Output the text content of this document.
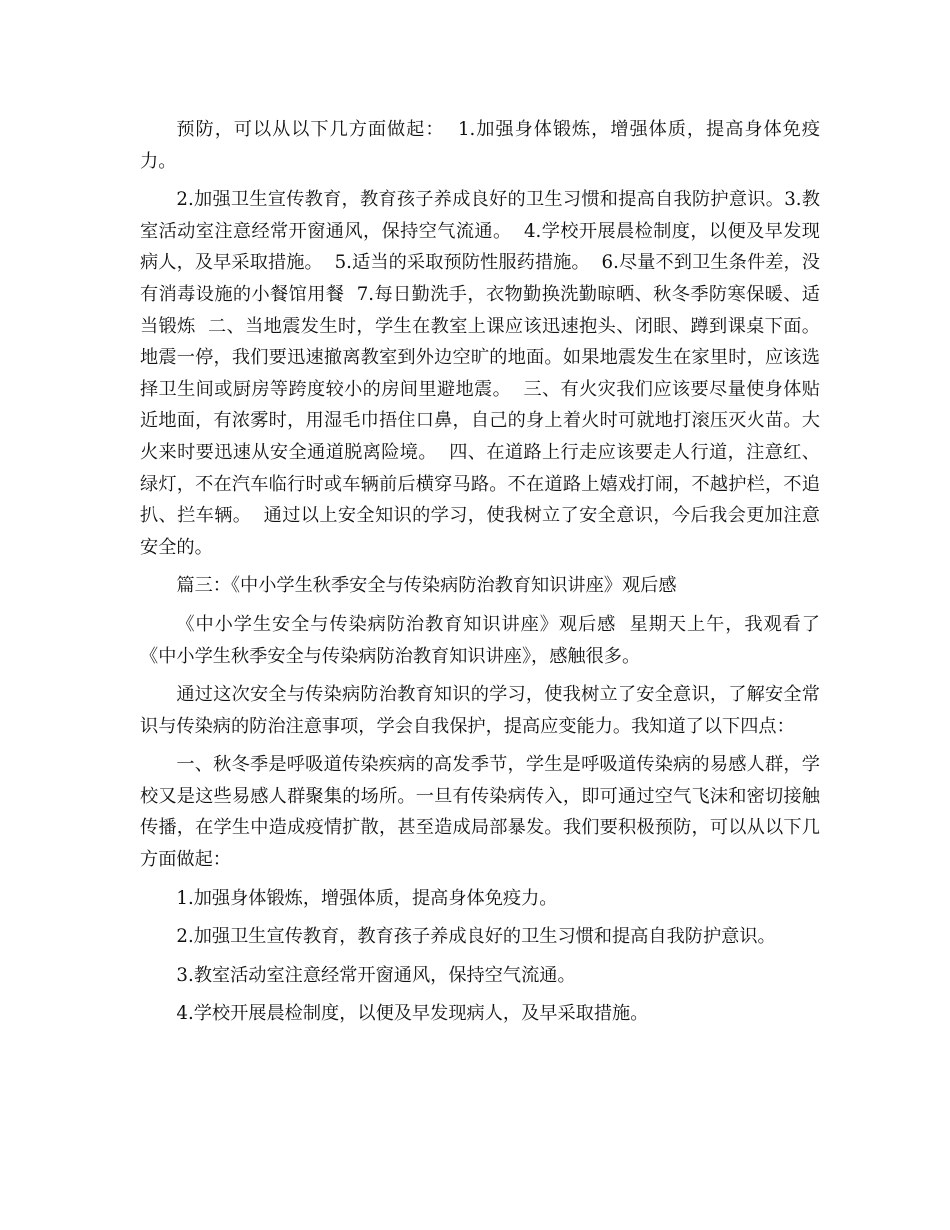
预防，可以从以下几方面做起：  1.加强身体锻炼，增强体质，提高身体免疫力。

2.加强卫生宣传教育，教育孩子养成良好的卫生习惯和提高自我防护意识。3.教室活动室注意经常开窗通风，保持空气流通。  4.学校开展晨检制度，以便及早发现病人，及早采取措施。  5.适当的采取预防性服药措施。  6.尽量不到卫生条件差，没有消毒设施的小餐馆用餐  7.每日勤洗手，衣物勤换洗勤晾晒、秋冬季防寒保暖、适当锻炼  二、当地震发生时，学生在教室上课应该迅速抱头、闭眼、蹲到课桌下面。地震一停，我们要迅速撤离教室到外边空旷的地面。如果地震发生在家里时，应该选择卫生间或厨房等跨度较小的房间里避地震。  三、有火灾我们应该要尽量使身体贴近地面，有浓雾时，用湿毛巾捂住口鼻，自己的身上着火时可就地打滚压灭火苗。大火来时要迅速从安全通道脱离险境。  四、在道路上行走应该要走人行道，注意红、绿灯，不在汽车临行时或车辆前后横穿马路。不在道路上嬉戏打闹，不越护栏，不追扒、拦车辆。  通过以上安全知识的学习，使我树立了安全意识，今后我会更加注意安全的。

篇三：《中小学生秋季安全与传染病防治教育知识讲座》观后感

《中小学生安全与传染病防治教育知识讲座》观后感  星期天上午，我观看了《中小学生秋季安全与传染病防治教育知识讲座》，感触很多。

通过这次安全与传染病防治教育知识的学习，使我树立了安全意识，了解安全常识与传染病的防治注意事项，学会自我保护，提高应变能力。我知道了以下四点：

一、秋冬季是呼吸道传染疾病的高发季节，学生是呼吸道传染病的易感人群，学校又是这些易感人群聚集的场所。一旦有传染病传入，即可通过空气飞沫和密切接触传播，在学生中造成疫情扩散，甚至造成局部暴发。我们要积极预防，可以从以下几方面做起：

1.加强身体锻炼，增强体质，提高身体免疫力。

2.加强卫生宣传教育，教育孩子养成良好的卫生习惯和提高自我防护意识。

3.教室活动室注意经常开窗通风，保持空气流通。

4.学校开展晨检制度，以便及早发现病人，及早采取措施。
